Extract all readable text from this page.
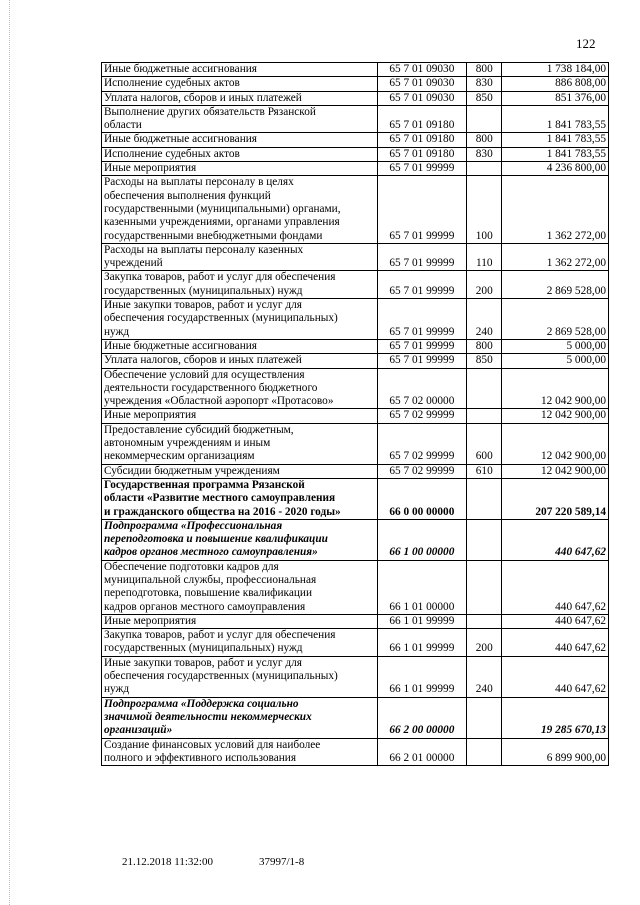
122
Иные бюджетные ассигнования	65 7 01 09030	800	1 738 184,00
Исполнение судебных актов	65 7 01 09030	830	886 808,00
Уплата налогов, сборов и иных платежей	65 7 01 09030	850	851 376,00
Выполнение других обязательств Рязанской
области	65 7 01 09180		1 841 783,55
Иные бюджетные ассигнования	65 7 01 09180	800	1 841 783,55
Исполнение судебных актов	65 7 01 09180	830	1 841 783,55
Иные мероприятия	65 7 01 99999		4 236 800,00
Расходы на выплаты персоналу в целях
обеспечения выполнения функций
государственными (муниципальными) органами,
казенными учреждениями, органами управления
государственными внебюджетными фондами	65 7 01 99999	100	1 362 272,00
Расходы на выплаты персоналу казенных
учреждений	65 7 01 99999	110	1 362 272,00
Закупка товаров, работ и услуг для обеспечения
государственных (муниципальных) нужд	65 7 01 99999	200	2 869 528,00
Иные закупки товаров, работ и услуг для
обеспечения государственных (муниципальных)
нужд	65 7 01 99999	240	2 869 528,00
Иные бюджетные ассигнования	65 7 01 99999	800	5 000,00
Уплата налогов, сборов и иных платежей	65 7 01 99999	850	5 000,00
Обеспечение условий для осуществления
деятельности государственного бюджетного
учреждения «Областной аэропорт «Протасово»	65 7 02 00000		12 042 900,00
Иные мероприятия	65 7 02 99999		12 042 900,00
Предоставление субсидий бюджетным,
автономным учреждениям и иным
некоммерческим организациям	65 7 02 99999	600	12 042 900,00
Субсидии бюджетным учреждениям	65 7 02 99999	610	12 042 900,00
Государственная программа Рязанской
области «Развитие местного самоуправления
и гражданского общества на 2016 - 2020 годы»	66 0 00 00000		207 220 589,14
Подпрограмма «Профессиональная
переподготовка и повышение квалификации
кадров органов местного самоуправления»	66 1 00 00000		440 647,62
Обеспечение подготовки кадров для
муниципальной службы, профессиональная
переподготовка, повышение квалификации
кадров органов местного самоуправления	66 1 01 00000		440 647,62
Иные мероприятия	66 1 01 99999		440 647,62
Закупка товаров, работ и услуг для обеспечения
государственных (муниципальных) нужд	66 1 01 99999	200	440 647,62
Иные закупки товаров, работ и услуг для
обеспечения государственных (муниципальных)
нужд	66 1 01 99999	240	440 647,62
Подпрограмма «Поддержка социально
значимой деятельности некоммерческих
организаций»	66 2 00 00000		19 285 670,13
Создание финансовых условий для наиболее
полного и эффективного использования	66 2 01 00000		6 899 900,00
21.12.2018 11:32:00	37997/1-8
